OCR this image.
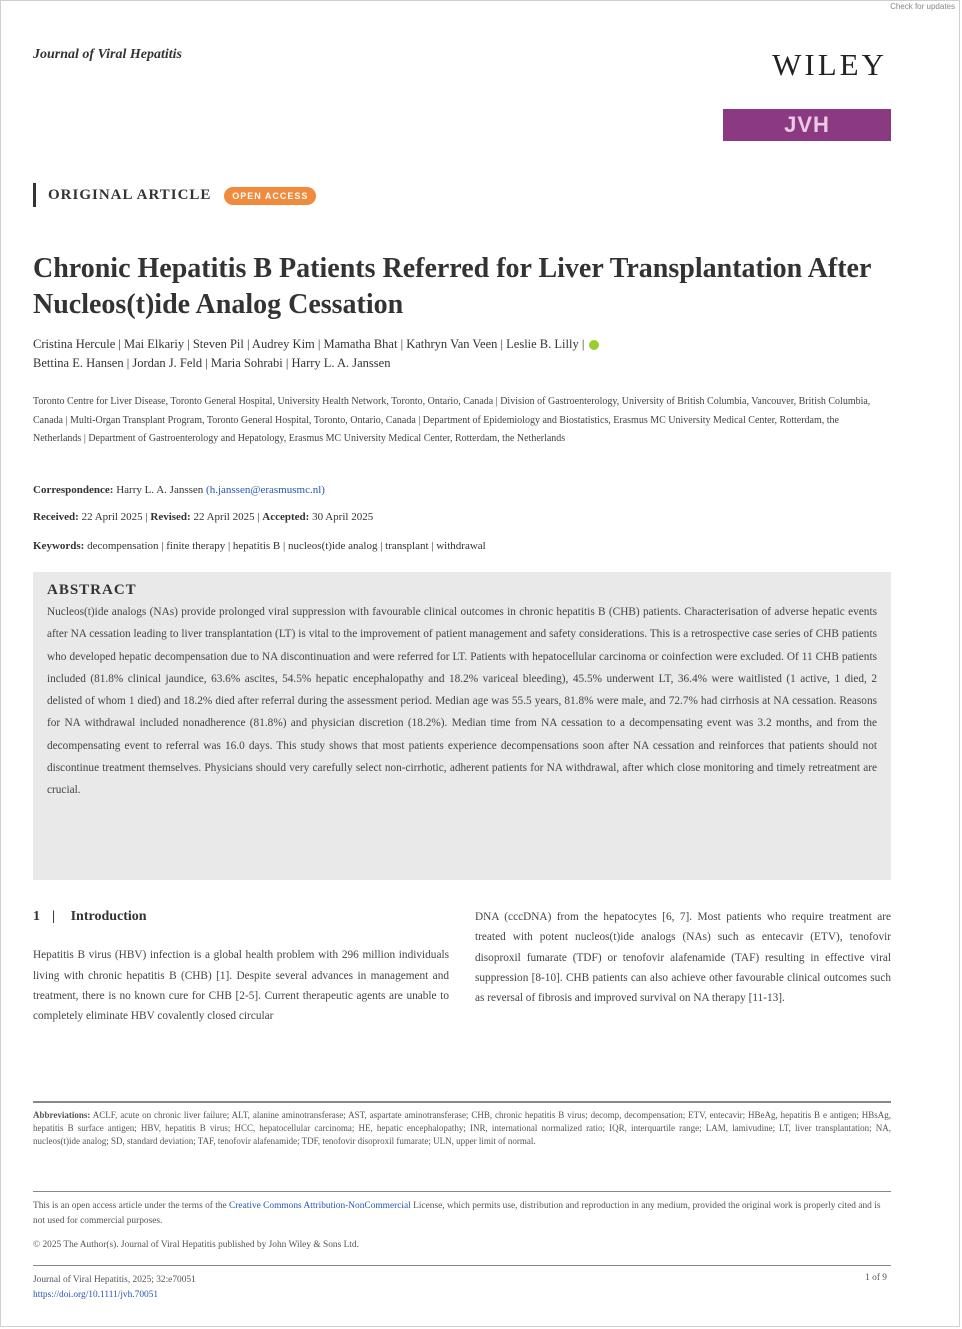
Check for updates
Journal of Viral Hepatitis	WILEY
JVH
ORIGINAL ARTICLE OPEN ACCESS
Chronic Hepatitis B Patients Referred for Liver Transplantation After Nucleos(t)ide Analog Cessation
Cristina Hercule | Mai Elkariy | Steven Pil | Audrey Kim | Mamatha Bhat | Kathryn Van Veen | Leslie B. Lilly |
Bettina E. Hansen | Jordan J. Feld | Maria Sohrabi | Harry L. A. Janssen
Toronto Centre for Liver Disease, Toronto General Hospital, University Health Network, Toronto, Ontario, Canada | Division of Gastroenterology, University of British Columbia, Vancouver, British Columbia, Canada | Multi-Organ Transplant Program, Toronto General Hospital, Toronto, Ontario, Canada | Department of Epidemiology and Biostatistics, Erasmus MC University Medical Center, Rotterdam, the Netherlands | Department of Gastroenterology and Hepatology, Erasmus MC University Medical Center, Rotterdam, the Netherlands
Correspondence: Harry L. A. Janssen (h.janssen@erasmusmc.nl)
Received: 22 April 2025 | Revised: 22 April 2025 | Accepted: 30 April 2025
Keywords: decompensation | finite therapy | hepatitis B | nucleos(t)ide analog | transplant | withdrawal
ABSTRACT

Nucleos(t)ide analogs (NAs) provide prolonged viral suppression with favourable clinical outcomes in chronic hepatitis B (CHB) patients. Characterisation of adverse hepatic events after NA cessation leading to liver transplantation (LT) is vital to the improvement of patient management and safety considerations. This is a retrospective case series of CHB patients who developed hepatic decompensation due to NA discontinuation and were referred for LT. Patients with hepatocellular carcinoma or coinfection were excluded. Of 11 CHB patients included (81.8% clinical jaundice, 63.6% ascites, 54.5% hepatic encephalopathy and 18.2% variceal bleeding), 45.5% underwent LT, 36.4% were waitlisted (1 active, 1 died, 2 delisted of whom 1 died) and 18.2% died after referral during the assessment period. Median age was 55.5 years, 81.8% were male, and 72.7% had cirrhosis at NA cessation. Reasons for NA withdrawal included nonadherence (81.8%) and physician discretion (18.2%). Median time from NA cessation to a decompensating event was 3.2 months, and from the decompensating event to referral was 16.0 days. This study shows that most patients experience decompensations soon after NA cessation and reinforces that patients should not discontinue treatment themselves. Physicians should very carefully select non-cirrhotic, adherent patients for NA withdrawal, after which close monitoring and timely retreatment are crucial.

1 | Introduction
Hepatitis B virus (HBV) infection is a global health problem with 296 million individuals living with chronic hepatitis B (CHB) [1]. Despite several advances in management and treatment, there is no known cure for CHB [2-5]. Current therapeutic agents are unable to completely eliminate HBV covalently closed circular
DNA (cccDNA) from the hepatocytes [6, 7]. Most patients who require treatment are treated with potent nucleos(t)ide analogs (NAs) such as entecavir (ETV), tenofovir disoproxil fumarate (TDF) or tenofovir alafenamide (TAF) resulting in effective viral suppression [8-10]. CHB patients can also achieve other favourable clinical outcomes such as reversal of fibrosis and improved survival on NA therapy [11-13].
Abbreviations: ACLF, acute on chronic liver failure; ALT, alanine aminotransferase; AST, aspartate aminotransferase; CHB, chronic hepatitis B virus; decomp, decompensation; ETV, entecavir; HBeAg, hepatitis B e antigen; HBsAg, hepatitis B surface antigen; HBV, hepatitis B virus; HCC, hepatocellular carcinoma; HE, hepatic encephalopathy; INR, international normalized ratio; IQR, interquartile range; LAM, lamivudine; LT, liver transplantation; NA, nucleos(t)ide analog; SD, standard deviation; TAF, tenofovir alafenamide; TDF, tenofovir disoproxil fumarate; ULN, upper limit of normal.
This is an open access article under the terms of the Creative Commons Attribution-NonCommercial License, which permits use, distribution and reproduction in any medium, provided the original work is properly cited and is not used for commercial purposes.
© 2025 The Author(s). Journal of Viral Hepatitis published by John Wiley & Sons Ltd.
Journal of Viral Hepatitis, 2025; 32:e70051
https://doi.org/10.1111/jvh.70051
1 of 9
